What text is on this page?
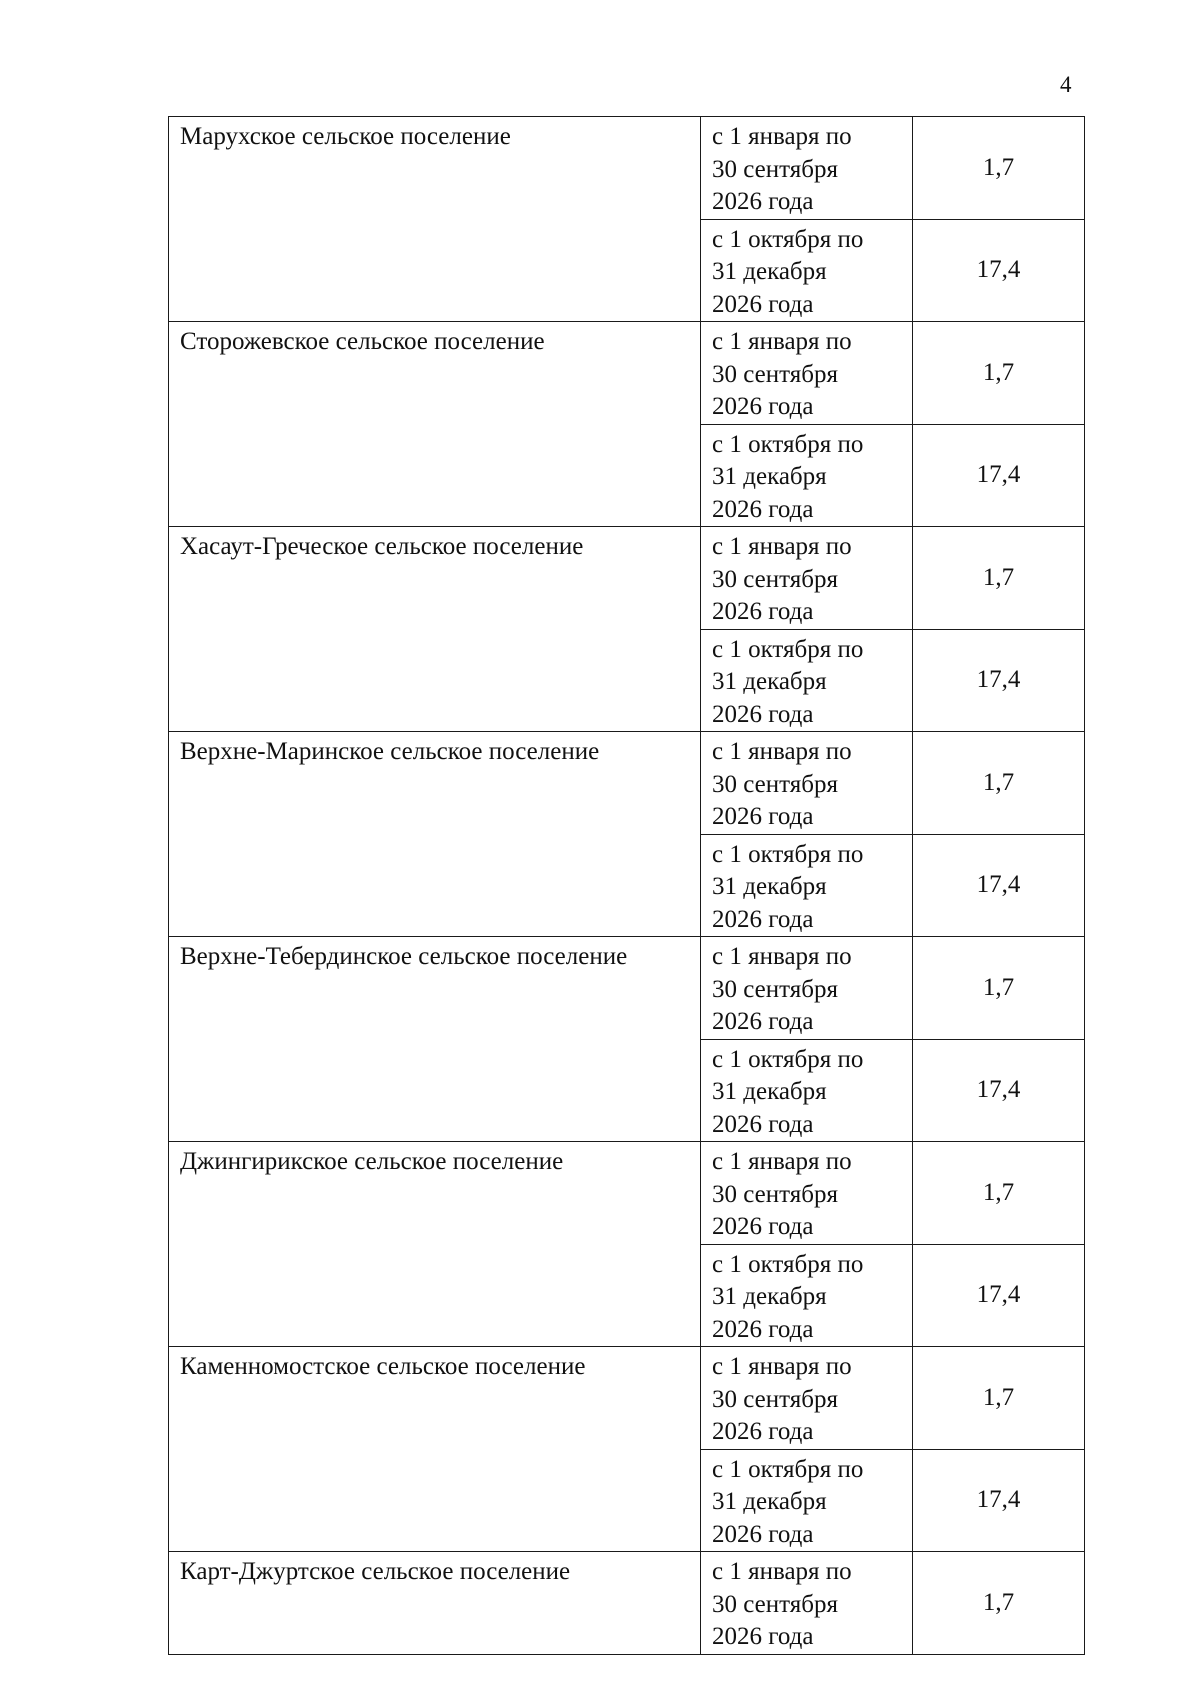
4
Марухское сельское поселение	с 1 января по
30 сентября
2026 года	1,7

	с 1 октября по
31 декабря
2026 года	17,4
Сторожевское сельское поселение	с 1 января по
30 сентября
2026 года	1,7

	с 1 октября по
31 декабря
2026 года	17,4
Хасаут-Греческое сельское поселение	с 1 января по
30 сентября
2026 года	1,7

	с 1 октября по
31 декабря
2026 года	17,4
Верхне-Маринское сельское поселение	с 1 января по
30 сентября
2026 года	1,7

	с 1 октября по
31 декабря
2026 года	17,4
Верхне-Тебердинское сельское поселение	с 1 января по
30 сентября
2026 года	1,7

	с 1 октября по
31 декабря
2026 года	17,4
Джингирикское сельское поселение	с 1 января по
30 сентября
2026 года	1,7

	с 1 октября по
31 декабря
2026 года	17,4
Каменномостское сельское поселение	с 1 января по
30 сентября
2026 года	1,7

	с 1 октября по
31 декабря
2026 года	17,4
Карт-Джуртское сельское поселение	с 1 января по
30 сентября
2026 года	1,7
